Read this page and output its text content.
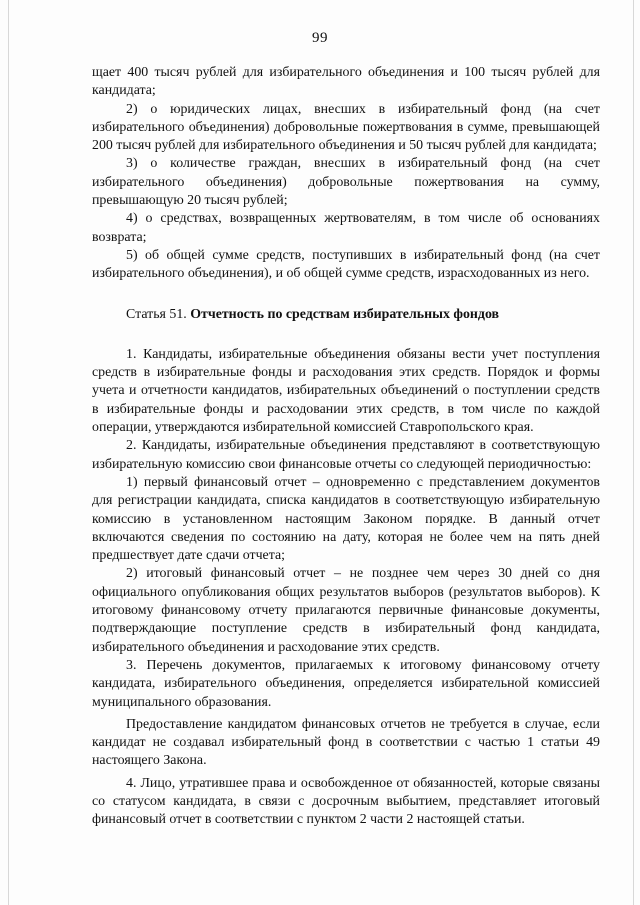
99

щает 400 тысяч рублей для избирательного объединения и 100 тысяч рублей для кандидата;

2) о юридических лицах, внесших в избирательный фонд (на счет избирательного объединения) добровольные пожертвования в сумме, превышающей 200 тысяч рублей для избирательного объединения и 50 тысяч рублей для кандидата;

3) о количестве граждан, внесших в избирательный фонд (на счет избирательного объединения) добровольные пожертвования на сумму, превышающую 20 тысяч рублей;

4) о средствах, возвращенных жертвователям, в том числе об основаниях возврата;

5) об общей сумме средств, поступивших в избирательный фонд (на счет избирательного объединения), и об общей сумме средств, израсходованных из него.

Статья 51. Отчетность по средствам избирательных фондов

1. Кандидаты, избирательные объединения обязаны вести учет поступления средств в избирательные фонды и расходования этих средств. Порядок и формы учета и отчетности кандидатов, избирательных объединений о поступлении средств в избирательные фонды и расходовании этих средств, в том числе по каждой операции, утверждаются избирательной комиссией Ставропольского края.

2. Кандидаты, избирательные объединения представляют в соответствующую избирательную комиссию свои финансовые отчеты со следующей периодичностью:

1) первый финансовый отчет – одновременно с представлением документов для регистрации кандидата, списка кандидатов в соответствующую избирательную комиссию в установленном настоящим Законом порядке. В данный отчет включаются сведения по состоянию на дату, которая не более чем на пять дней предшествует дате сдачи отчета;

2) итоговый финансовый отчет – не позднее чем через 30 дней со дня официального опубликования общих результатов выборов (результатов выборов). К итоговому финансовому отчету прилагаются первичные финансовые документы, подтверждающие поступление средств в избирательный фонд кандидата, избирательного объединения и расходование этих средств.

3. Перечень документов, прилагаемых к итоговому финансовому отчету кандидата, избирательного объединения, определяется избирательной комиссией муниципального образования.

Предоставление кандидатом финансовых отчетов не требуется в случае, если кандидат не создавал избирательный фонд в соответствии с частью 1 статьи 49 настоящего Закона.

4. Лицо, утратившее права и освобожденное от обязанностей, которые связаны со статусом кандидата, в связи с досрочным выбытием, представляет итоговый финансовый отчет в соответствии с пунктом 2 части 2 настоящей статьи.
